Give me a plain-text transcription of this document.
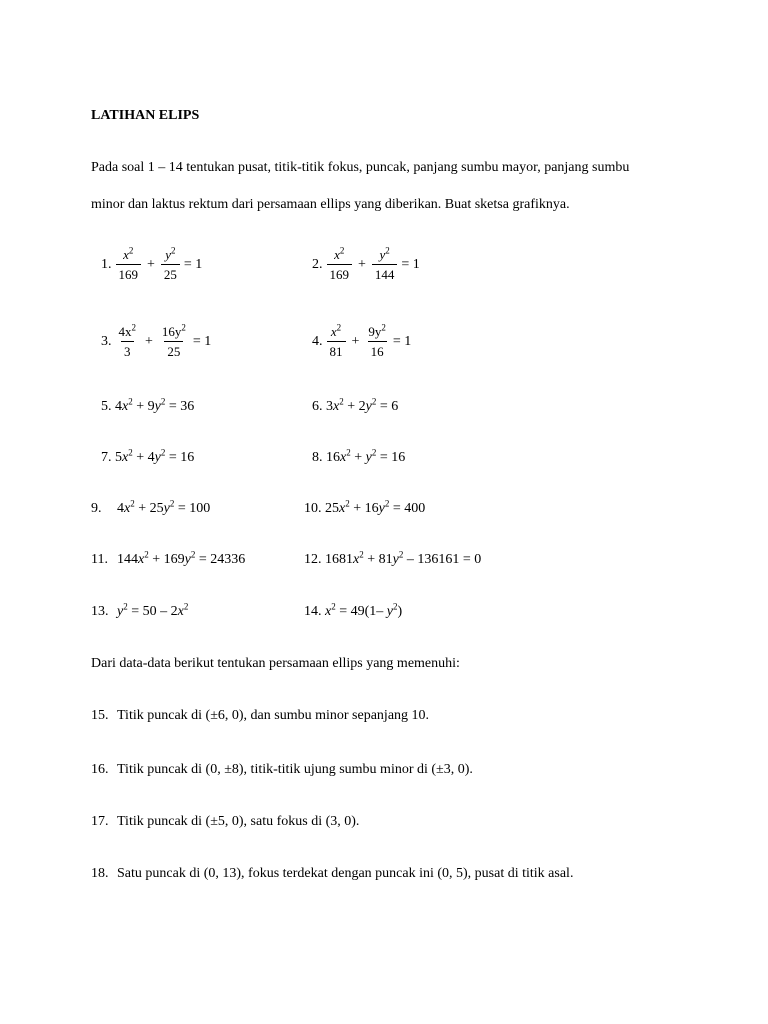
LATIHAN ELIPS
Pada soal 1 – 14 tentukan pusat, titik-titik fokus, puncak, panjang sumbu mayor, panjang sumbu
minor dan laktus rektum dari persamaan ellips yang diberikan. Buat sketsa grafiknya.
1. $\frac{x^2}{169} + \frac{y^2}{25} = 1$	2. $\frac{x^2}{169} + \frac{y^2}{144} = 1$
3. $\frac{4x^2}{3} + \frac{16y^2}{25} = 1$	4. $\frac{x^2}{81} + \frac{9y^2}{16} = 1$
5. $4x^2 + 9y^2 = 36$	6. $3x^2 + 2y^2 = 6$
7. $5x^2 + 4y^2 = 16$	8. $16x^2 + y^2 = 16$
9. $4x^2 + 25y^2 = 100$	10. $25x^2 + 16y^2 = 400$
11. $144x^2 + 169y^2 = 24336$	12. $1681x^2 + 81y^2 - 136161 = 0$
13. $y^2 = 50 - 2x^2$	14. $x^2 = 49(1-$ $y^2$)
Dari data-data berikut tentukan persamaan ellips yang memenuhi:
15. Titik puncak di (±6, 0), dan sumbu minor sepanjang 10.
16. Titik puncak di (0, ±8), titik-titik ujung sumbu minor di (±3, 0).
17. Titik puncak di (±5, 0), satu fokus di (3, 0).
18. Satu puncak di (0, 13), fokus terdekat dengan puncak ini (0, 5), pusat di titik asal.
